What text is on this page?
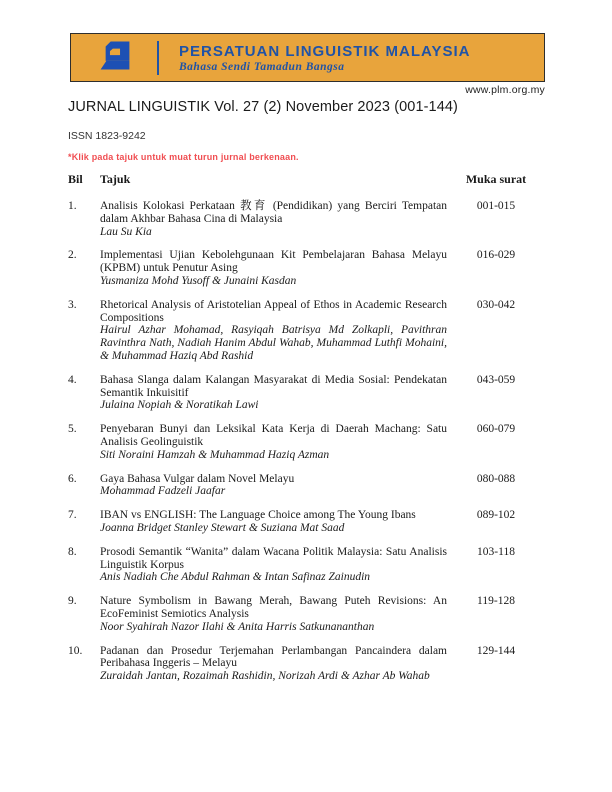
PERSATUAN LINGUISTIK MALAYSIA
Bahasa Sendi Tamadun Bangsa
www.plm.org.my
JURNAL LINGUISTIK Vol. 27 (2) November 2023 (001-144)
ISSN 1823-9242
*Klik pada tajuk untuk muat turun jurnal berkenaan.
Bil	Tajuk	Muka surat
1.	Analisis Kolokasi Perkataan 教育 (Pendidikan) yang Berciri Tempatan dalam Akhbar Bahasa Cina di Malaysia
Lau Su Kia
001-015
2.	Implementasi Ujian Kebolehgunaan Kit Pembelajaran Bahasa Melayu (KPBM) untuk Penutur Asing
Yusmaniza Mohd Yusoff & Junaini Kasdan
016-029
3.	Rhetorical Analysis of Aristotelian Appeal of Ethos in Academic Research Compositions
Hairul Azhar Mohamad, Rasyiqah Batrisya Md Zolkapli, Pavithran Ravinthra Nath, Nadiah Hanim Abdul Wahab, Muhammad Luthfi Mohaini, & Muhammad Haziq Abd Rashid
030-042
4.	Bahasa Slanga dalam Kalangan Masyarakat di Media Sosial: Pendekatan Semantik Inkuisitif
Julaina Nopiah & Noratikah Lawi
043-059
5.	Penyebaran Bunyi dan Leksikal Kata Kerja di Daerah Machang: Satu Analisis Geolinguistik
Siti Noraini Hamzah & Muhammad Haziq Azman
060-079
6.	Gaya Bahasa Vulgar dalam Novel Melayu
Mohammad Fadzeli Jaafar
080-088
7.	IBAN vs ENGLISH: The Language Choice among The Young Ibans
Joanna Bridget Stanley Stewart & Suziana Mat Saad
089-102
8.	Prosodi Semantik “Wanita” dalam Wacana Politik Malaysia: Satu Analisis Linguistik Korpus
Anis Nadiah Che Abdul Rahman & Intan Safinaz Zainudin
103-118
9.	Nature Symbolism in Bawang Merah, Bawang Puteh Revisions: An EcoFeminist Semiotics Analysis
Noor Syahirah Nazor Ilahi & Anita Harris Satkunananthan
119-128
10.	Padanan dan Prosedur Terjemahan Perlambangan Pancaindera dalam Peribahasa Inggeris – Melayu
Zuraidah Jantan, Rozaimah Rashidin, Norizah Ardi & Azhar Ab Wahab
129-144
